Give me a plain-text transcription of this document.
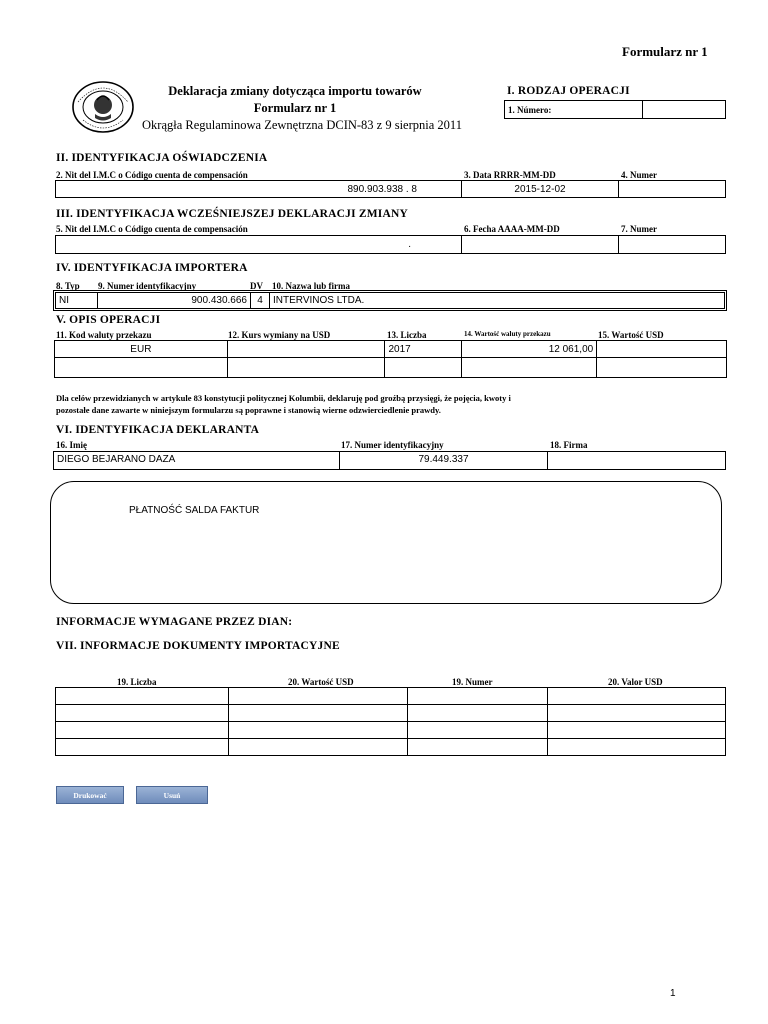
Formularz nr 1
Deklaracja zmiany dotycząca importu towarów
Formularz nr 1
Okrągła Regulaminowa Zewnętrzna DCIN-83 z 9 sierpnia 2011
I. RODZAJ OPERACJI
1. Número:
II. IDENTYFIKACJA OŚWIADCZENIA
2. Nit del I.M.C o Código cuenta de compensación	3. Data RRRR-MM-DD	4. Numer
890.903.938 . 8	2015-12-02
III. IDENTYFIKACJA WCZEŚNIEJSZEJ DEKLARACJI ZMIANY
5. Nit del I.M.C o Código cuenta de compensación	6. Fecha AAAA-MM-DD	7. Numer
.
IV. IDENTYFIKACJA IMPORTERA
8. Typ 9. Numer identyfikacyjny	DV 10. Nazwa lub firma
NI	900.430.666	4	INTERVINOS LTDA.
V. OPIS OPERACJI
11. Kod waluty przekazu	12. Kurs wymiany na USD	13. Liczba	14. Wartość waluty przekazu	15. Wartość USD
EUR		2017	12 061,00	

Dla celów przewidzianych w artykule 83 konstytucji politycznej Kolumbii, deklaruję pod groźbą przysięgi, że pojęcia, kwoty i
pozostałe dane zawarte w niniejszym formularzu są poprawne i stanowią wierne odzwierciedlenie prawdy.
VI. IDENTYFIKACJA DEKLARANTA
16. Imię	17. Numer identyfikacyjny	18. Firma
DIEGO BEJARANO DAZA	79.449.337
PŁATNOŚĆ SALDA FAKTUR
INFORMACJE WYMAGANE PRZEZ DIAN:
VII. INFORMACJE DOKUMENTY IMPORTACYJNE
19. Liczba	20. Wartość USD	19. Numer	20. Valor USD

Drukować	Usuń
1
